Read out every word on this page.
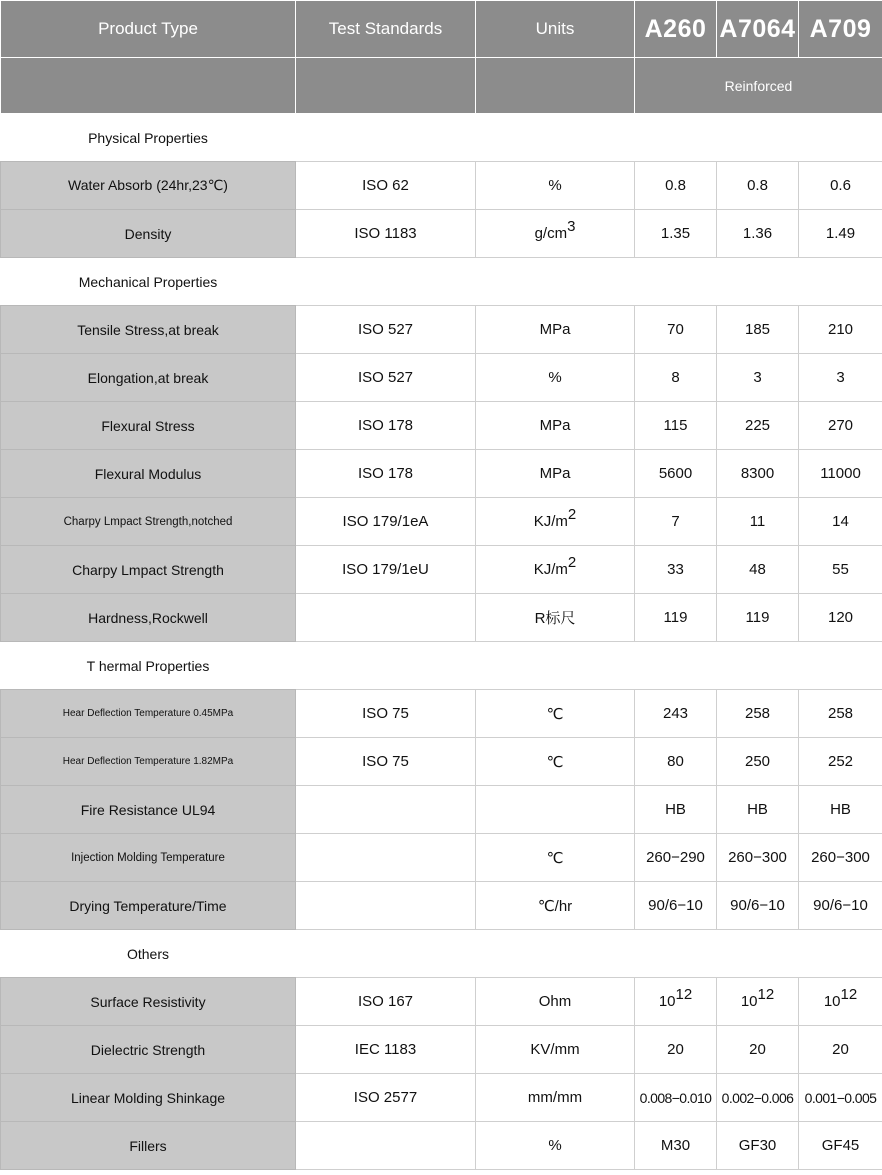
Product Type	Test Standards	Units	A260	A7064	A709
			Reinforced		
Physical Properties					
Water Absorb (24hr,23℃)	ISO 62	%	0.8	0.8	0.6
Density	ISO 1183	g/cm3	1.35	1.36	1.49
Mechanical Properties					
Tensile Stress,at break	ISO 527	MPa	70	185	210
Elongation,at break	ISO 527	%	8	3	3
Flexural Stress	ISO 178	MPa	115	225	270
Flexural Modulus	ISO 178	MPa	5600	8300	11000
Charpy Lmpact Strength,notched	ISO 179/1eA	KJ/m2	7	11	14
Charpy Lmpact Strength	ISO 179/1eU	KJ/m2	33	48	55
Hardness,Rockwell		R标尺	119	119	120
T hermal Properties					
Hear Deflection Temperature 0.45MPa	ISO 75	℃	243	258	258
Hear Deflection Temperature 1.82MPa	ISO 75	℃	80	250	252
Fire Resistance UL94			HB	HB	HB
Injection Molding Temperature		℃	260−290	260−300	260−300
Drying Temperature/Time		℃/hr	90/6−10	90/6−10	90/6−10
Others					
Surface Resistivity	ISO 167	Ohm	1012	1012	1012
Dielectric Strength	IEC 1183	KV/mm	20	20	20
Linear Molding Shinkage	ISO 2577	mm/mm	0.008−0.010	0.002−0.006	0.001−0.005
Fillers		%	M30	GF30	GF45
